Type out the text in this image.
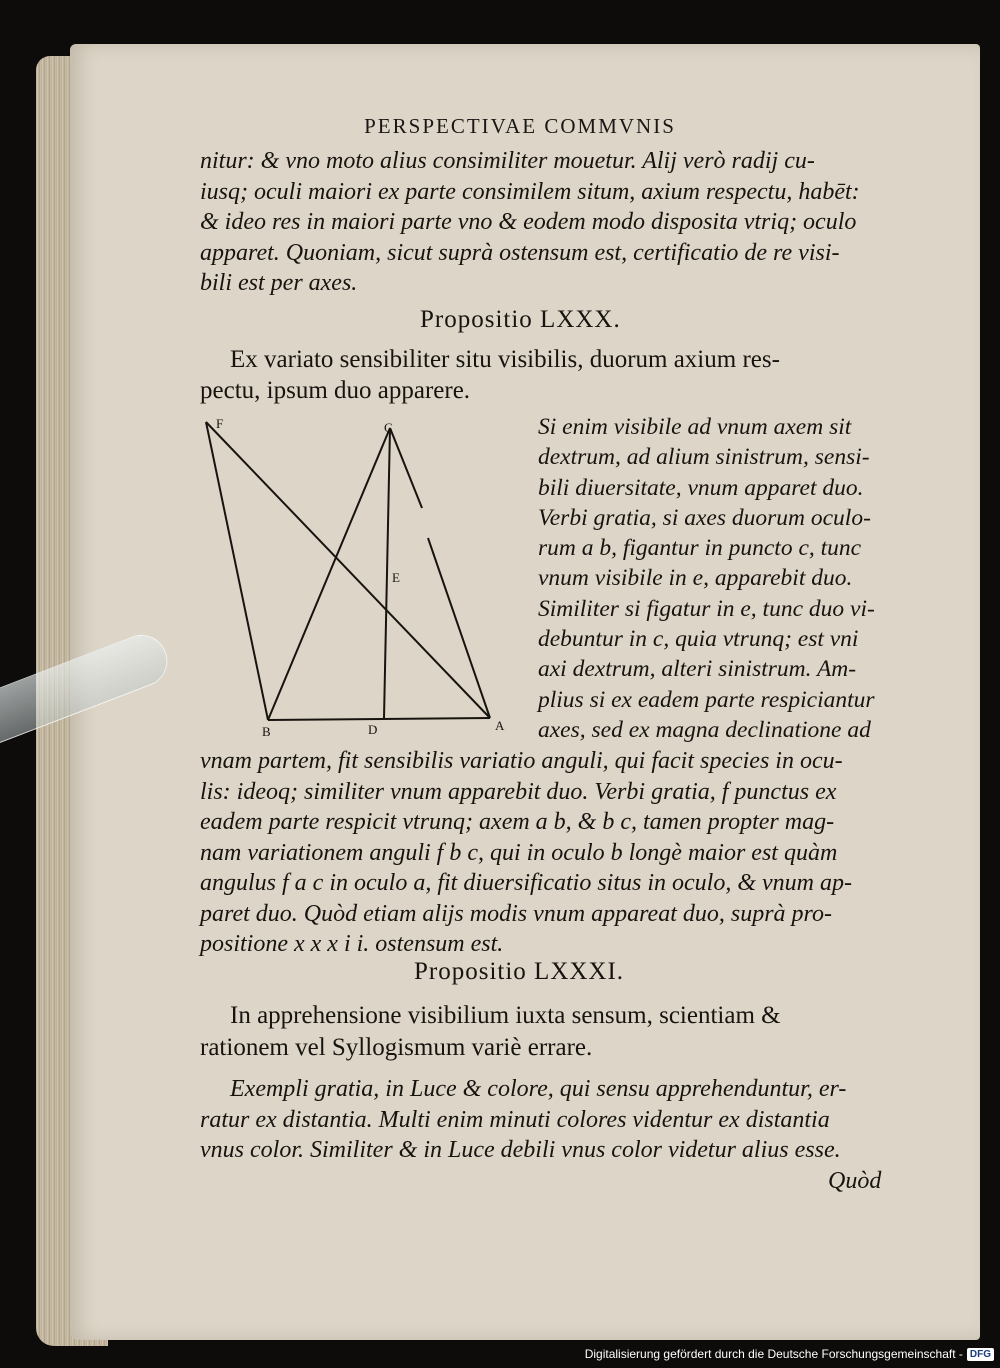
PERSPECTIVAE COMMVNIS
nitur: & vno moto alius consimiliter mouetur. Alij verò radij cu-
iusq; oculi maiori ex parte consimilem situm, axium respectu, habēt:
& ideo res in maiori parte vno & eodem modo disposita vtriq; oculo
apparet. Quoniam, sicut suprà ostensum est, certificatio de re visi-
bili est per axes.
Propositio LXXX.
Ex variato sensibiliter situ visibilis, duorum axium res-
pectu, ipsum duo apparere.
F	C
E
B	D	A
Si enim visibile ad vnum axem sit
dextrum, ad alium sinistrum, sensi-
bili diuersitate, vnum apparet duo.
Verbi gratia, si axes duorum oculo-
rum a b, figantur in puncto c, tunc
vnum visibile in e, apparebit duo.
Similiter si figatur in e, tunc duo vi-
debuntur in c, quia vtrunq; est vni
axi dextrum, alteri sinistrum. Am-
plius si ex eadem parte respiciantur
axes, sed ex magna declinatione ad
vnam partem, fit sensibilis variatio anguli, qui facit species in ocu-
lis: ideoq; similiter vnum apparebit duo. Verbi gratia, f punctus ex
eadem parte respicit vtrunq; axem a b, & b c, tamen propter mag-
nam variationem anguli f b c, qui in oculo b longè maior est quàm
angulus f a c in oculo a, fit diuersificatio situs in oculo, & vnum ap-
paret duo. Quòd etiam alijs modis vnum appareat duo, suprà pro-
positione x x x i i. ostensum est.
Propositio LXXXI.
In apprehensione visibilium iuxta sensum, scientiam &
rationem vel Syllogismum variè errare.
Exempli gratia, in Luce & colore, qui sensu apprehenduntur, er-
ratur ex distantia. Multi enim minuti colores videntur ex distantia
vnus color. Similiter & in Luce debili vnus color videtur alius esse.
Quòd
Digitalisierung gefördert durch die Deutsche Forschungsgemeinschaft - DFG
